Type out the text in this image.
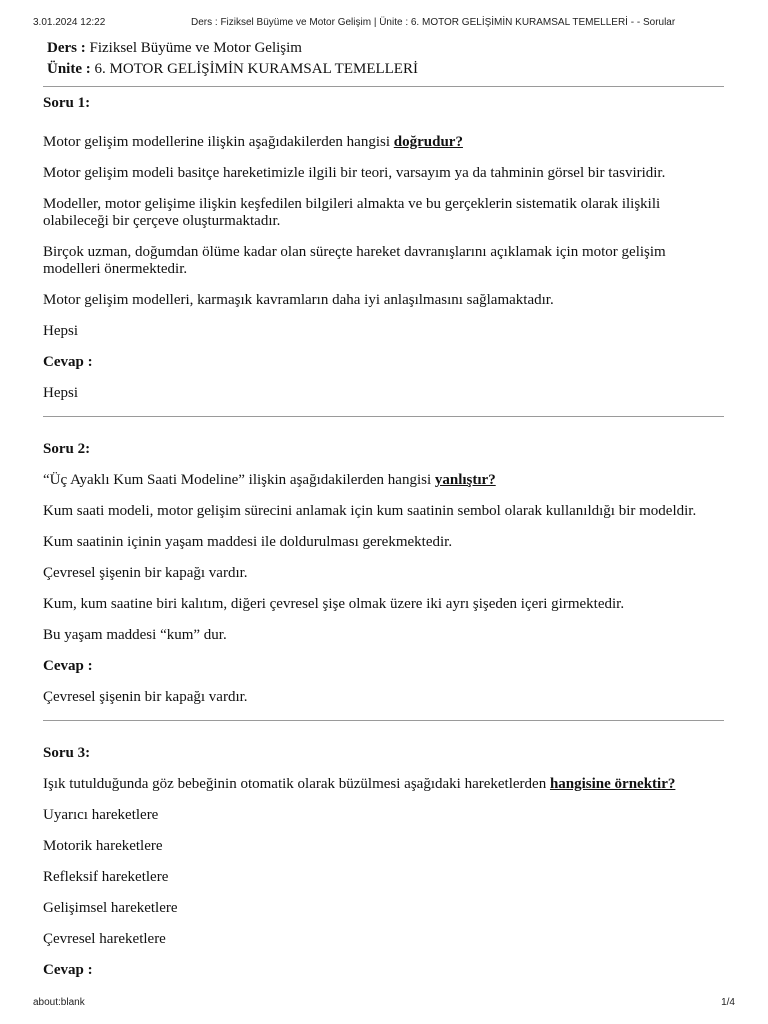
3.01.2024 12:22	Ders : Fiziksel Büyüme ve Motor Gelişim | Ünite : 6. MOTOR GELİŞİMİN KURAMSAL TEMELLERİ - - Sorular
Ders : Fiziksel Büyüme ve Motor Gelişim
Ünite : 6. MOTOR GELİŞİMİN KURAMSAL TEMELLERİ

Soru 1:

Motor gelişim modellerine ilişkin aşağıdakilerden hangisi doğrudur?

Motor gelişim modeli basitçe hareketimizle ilgili bir teori, varsayım ya da tahminin görsel bir tasviridir.

Modeller, motor gelişime ilişkin keşfedilen bilgileri almakta ve bu gerçeklerin sistematik olarak ilişkili olabileceği bir çerçeve oluşturmaktadır.

Birçok uzman, doğumdan ölüme kadar olan süreçte hareket davranışlarını açıklamak için motor gelişim modelleri önermektedir.

Motor gelişim modelleri, karmaşık kavramların daha iyi anlaşılmasını sağlamaktadır.

Hepsi

Cevap :

Hepsi

Soru 2:

“Üç Ayaklı Kum Saati Modeline” ilişkin aşağıdakilerden hangisi yanlıştır?

Kum saati modeli, motor gelişim sürecini anlamak için kum saatinin sembol olarak kullanıldığı bir modeldir.

Kum saatinin içinin yaşam maddesi ile doldurulması gerekmektedir.

Çevresel şişenin bir kapağı vardır.

Kum, kum saatine biri kalıtım, diğeri çevresel şişe olmak üzere iki ayrı şişeden içeri girmektedir.

Bu yaşam maddesi “kum” dur.

Cevap :

Çevresel şişenin bir kapağı vardır.

Soru 3:

Işık tutulduğunda göz bebeğinin otomatik olarak büzülmesi aşağıdaki hareketlerden hangisine örnektir?

Uyarıcı hareketlere

Motorik hareketlere

Refleksif hareketlere

Gelişimsel hareketlere

Çevresel hareketlere

Cevap :

about:blank	1/4
